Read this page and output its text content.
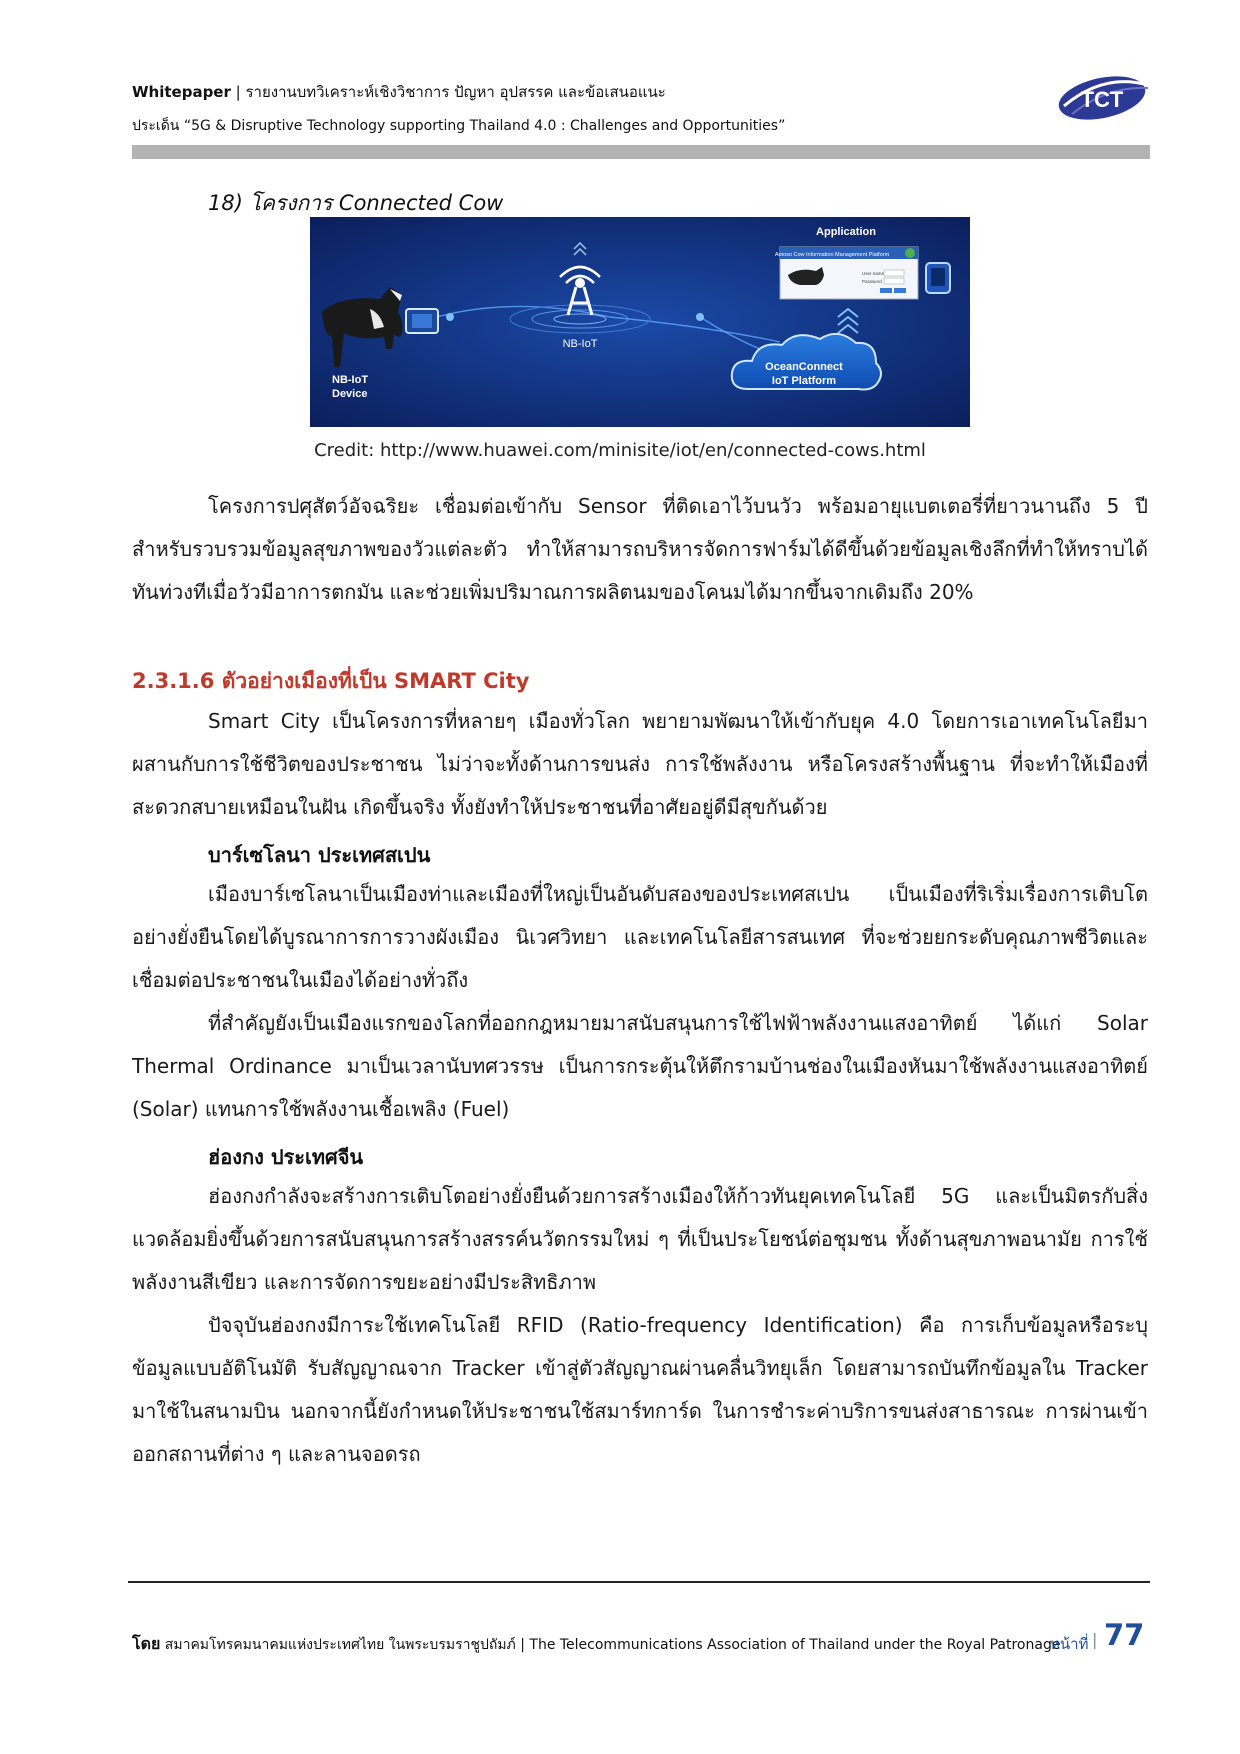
Whitepaper | รายงานบทวิเคราะห์เชิงวิชาการ ปัญหา อุปสรรค และข้อเสนอแนะ
ประเด็น “5G & Disruptive Technology supporting Thailand 4.0 : Challenges and Opportunities”
TCT
18) โครงการ Connected Cow
NB-IoT
Device
NB-IoT
Application
Aotoso Cow Information Management Platform
User name
Password
OceanConnect
IoT Platform
Credit: http://www.huawei.com/minisite/iot/en/connected-cows.html
โครงการปศุสัตว์อัจฉริยะ เชื่อมต่อเข้ากับ Sensor ที่ติดเอาไว้บนวัว พร้อมอายุแบตเตอรี่ที่ยาวนานถึง 5 ปี สำหรับรวบรวมข้อมูลสุขภาพของวัวแต่ละตัว ทำให้สามารถบริหารจัดการฟาร์มได้ดีขึ้นด้วยข้อมูลเชิงลึกที่ทำให้ทราบได้ทันท่วงทีเมื่อวัวมีอาการตกมัน และช่วยเพิ่มปริมาณการผลิตนมของโคนมได้มากขึ้นจากเดิมถึง 20%
2.3.1.6 ตัวอย่างเมืองที่เป็น SMART City
Smart City เป็นโครงการที่หลายๆ เมืองทั่วโลก พยายามพัฒนาให้เข้ากับยุค 4.0 โดยการเอาเทคโนโลยีมาผสานกับการใช้ชีวิตของประชาชน ไม่ว่าจะทั้งด้านการขนส่ง การใช้พลังงาน หรือโครงสร้างพื้นฐาน ที่จะทำให้เมืองที่สะดวกสบายเหมือนในฝัน เกิดขึ้นจริง ทั้งยังทำให้ประชาชนที่อาศัยอยู่ดีมีสุขกันด้วย
บาร์เซโลนา ประเทศสเปน
เมืองบาร์เซโลนาเป็นเมืองท่าและเมืองที่ใหญ่เป็นอันดับสองของประเทศสเปน เป็นเมืองที่ริเริ่มเรื่องการเติบโตอย่างยั่งยืนโดยได้บูรณาการการวางผังเมือง นิเวศวิทยา และเทคโนโลยีสารสนเทศ ที่จะช่วยยกระดับคุณภาพชีวิตและเชื่อมต่อประชาชนในเมืองได้อย่างทั่วถึง
ที่สำคัญยังเป็นเมืองแรกของโลกที่ออกกฎหมายมาสนับสนุนการใช้ไฟฟ้าพลังงานแสงอาทิตย์ ได้แก่ Solar Thermal Ordinance มาเป็นเวลานับทศวรรษ เป็นการกระตุ้นให้ตึกรามบ้านช่องในเมืองหันมาใช้พลังงานแสงอาทิตย์ (Solar) แทนการใช้พลังงานเชื้อเพลิง (Fuel)
ฮ่องกง ประเทศจีน
ฮ่องกงกำลังจะสร้างการเติบโตอย่างยั่งยืนด้วยการสร้างเมืองให้ก้าวทันยุคเทคโนโลยี 5G และเป็นมิตรกับสิ่งแวดล้อมยิ่งขึ้นด้วยการสนับสนุนการสร้างสรรค์นวัตกรรมใหม่ ๆ ที่เป็นประโยชน์ต่อชุมชน ทั้งด้านสุขภาพอนามัย การใช้พลังงานสีเขียว และการจัดการขยะอย่างมีประสิทธิภาพ
ปัจจุบันฮ่องกงมีการะใช้เทคโนโลยี RFID (Ratio-frequency Identification) คือ การเก็บข้อมูลหรือระบุข้อมูลแบบอัติโนมัติ รับสัญญาณจาก Tracker เข้าสู่ตัวสัญญาณผ่านคลื่นวิทยุเล็ก โดยสามารถบันทึกข้อมูลใน Tracker มาใช้ในสนามบิน นอกจากนี้ยังกำหนดให้ประชาชนใช้สมาร์ทการ์ด ในการชำระค่าบริการขนส่งสาธารณะ การผ่านเข้าออกสถานที่ต่าง ๆ และลานจอดรถ
โดย สมาคมโทรคมนาคมแห่งประเทศไทย ในพระบรมราชูปถัมภ์ | The Telecommunications Association of Thailand under the Royal Patronage
หน้าที่ | 77
